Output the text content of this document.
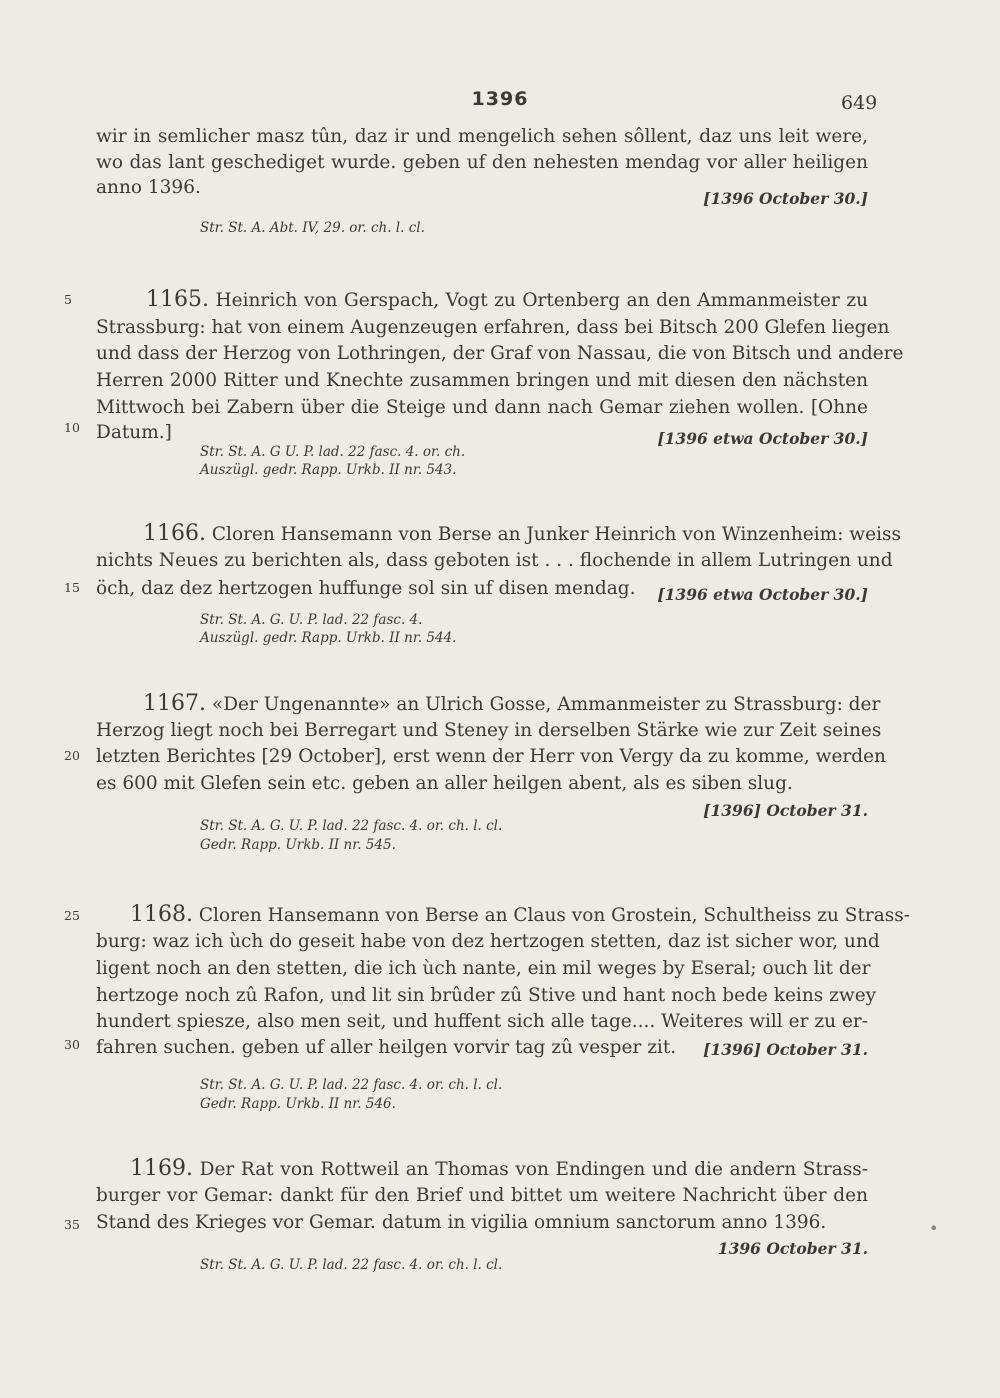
1396	649
5
10
15
20
25
30
35
wir in semlicher masz tûn, daz ir und mengelich sehen sôllent, daz uns leit were,
wo das lant geschediget wurde. geben uf den nehesten mendag vor aller heiligen
anno 1396.
[1396 October 30.]
Str. St. A. Abt. IV, 29. or. ch. l. cl.
1165. Heinrich von Gerspach, Vogt zu Ortenberg an den Ammanmeister zu
Strassburg: hat von einem Augenzeugen erfahren, dass bei Bitsch 200 Glefen liegen
und dass der Herzog von Lothringen, der Graf von Nassau, die von Bitsch und andere
Herren 2000 Ritter und Knechte zusammen bringen und mit diesen den nächsten
Mittwoch bei Zabern über die Steige und dann nach Gemar ziehen wollen. [Ohne
Datum.]	[1396 etwa October 30.]
Str. St. A. G U. P. lad. 22 fasc. 4. or. ch.
Auszügl. gedr. Rapp. Urkb. II nr. 543.
1166. Cloren Hansemann von Berse an Junker Heinrich von Winzenheim: weiss
nichts Neues zu berichten als, dass geboten ist . . . flochende in allem Lutringen und
öch, daz dez hertzogen huffunge sol sin uf disen mendag. [1396 etwa October 30.]
Str. St. A. G. U. P. lad. 22 fasc. 4.
Auszügl. gedr. Rapp. Urkb. II nr. 544.
1167. «Der Ungenannte» an Ulrich Gosse, Ammanmeister zu Strassburg: der
Herzog liegt noch bei Berregart und Steney in derselben Stärke wie zur Zeit seines
letzten Berichtes [29 October], erst wenn der Herr von Vergy da zu komme, werden
es 600 mit Glefen sein etc. geben an aller heilgen abent, als es siben slug.
[1396] October 31.
Str. St. A. G. U. P. lad. 22 fasc. 4. or. ch. l. cl.
Gedr. Rapp. Urkb. II nr. 545.
1168. Cloren Hansemann von Berse an Claus von Grostein, Schultheiss zu Strass-
burg: waz ich ùch do geseit habe von dez hertzogen stetten, daz ist sicher wor, und
ligent noch an den stetten, die ich ùch nante, ein mil weges by Eseral; ouch lit der
hertzoge noch zû Rafon, und lit sin brûder zû Stive und hant noch bede keins zwey
hundert spiesze, also men seit, und huffent sich alle tage.... Weiteres will er zu er-
fahren suchen. geben uf aller heilgen vorvir tag zû vesper zit. [1396] October 31.
Str. St. A. G. U. P. lad. 22 fasc. 4. or. ch. l. cl.
Gedr. Rapp. Urkb. II nr. 546.
1169. Der Rat von Rottweil an Thomas von Endingen und die andern Strass-
burger vor Gemar: dankt für den Brief und bittet um weitere Nachricht über den
Stand des Krieges vor Gemar. datum in vigilia omnium sanctorum anno 1396.
1396 October 31.
Str. St. A. G. U. P. lad. 22 fasc. 4. or. ch. l. cl.
•
